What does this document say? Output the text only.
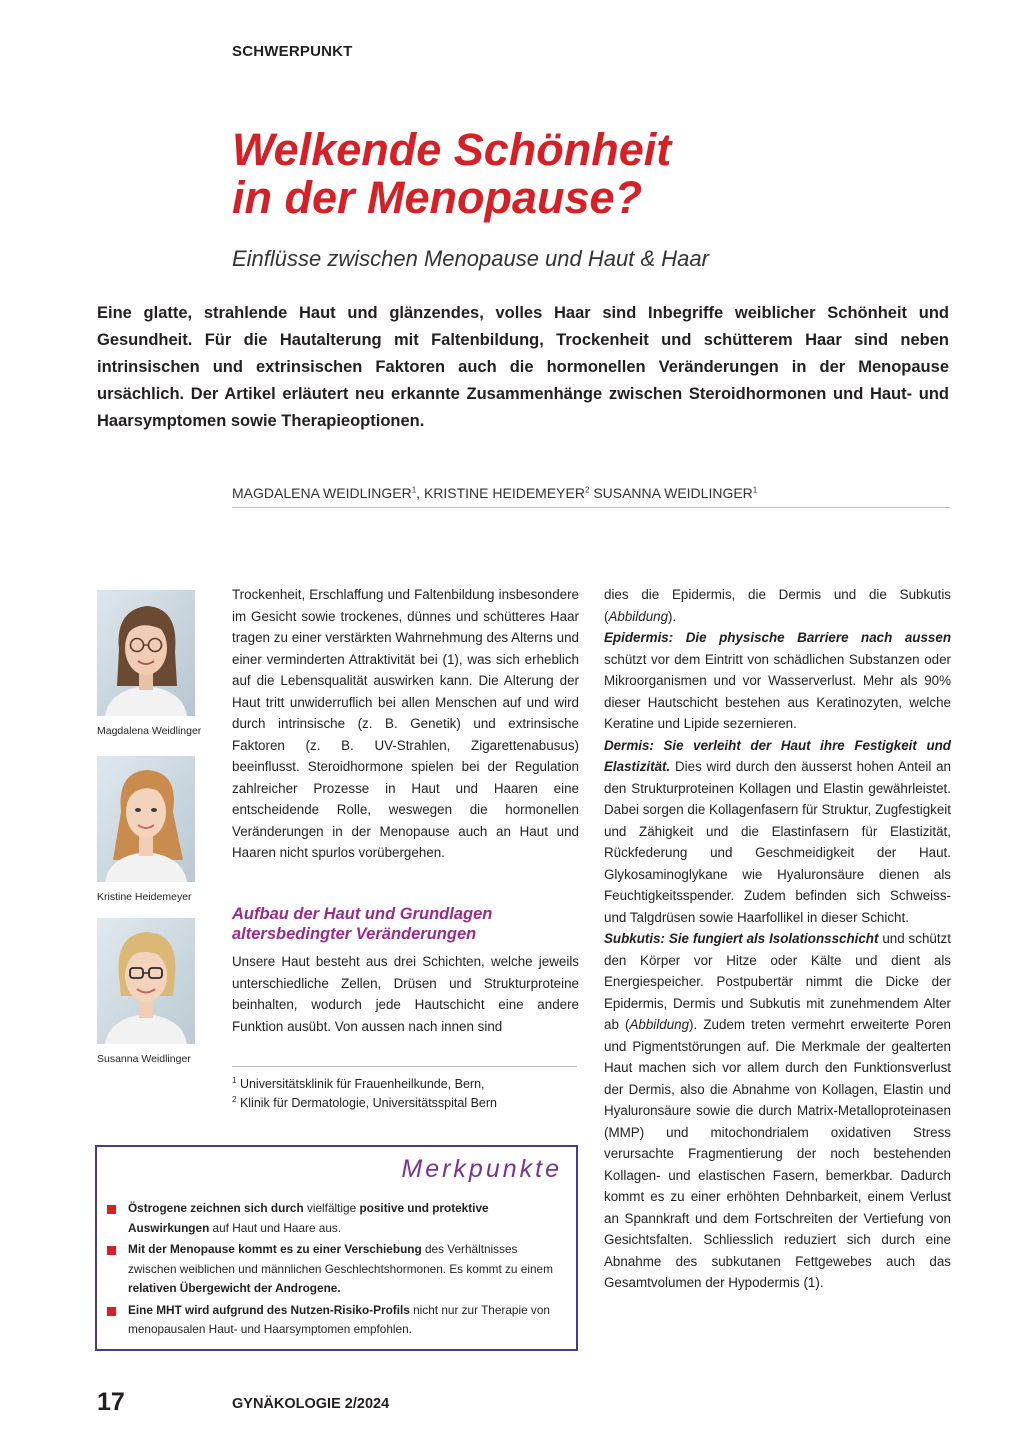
SCHWERPUNKT
Welkende Schönheit
in der Menopause?
Einflüsse zwischen Menopause und Haut & Haar

Eine glatte, strahlende Haut und glänzendes, volles Haar sind Inbegriffe weiblicher Schönheit und Gesundheit. Für die Hautalterung mit Faltenbildung, Trockenheit und schütterem Haar sind neben intrinsischen und extrinsischen Faktoren auch die hormonellen Veränderungen in der Menopause ursächlich. Der Artikel erläutert neu erkannte Zusammenhänge zwischen Steroidhormonen und Haut- und Haarsymptomen sowie Therapieoptionen.

MAGDALENA WEIDLINGER$^1$, KRISTINE HEIDEMEYER$^2$ SUSANNA WEIDLINGER$^1$
Magdalena Weidlinger
Kristine Heidemeyer
Susanna Weidlinger

Trockenheit, Erschlaffung und Faltenbildung insbesondere im Gesicht sowie trockenes, dünnes und schütteres Haar tragen zu einer verstärkten Wahrnehmung des Alterns und einer verminderten Attraktivität bei (1), was sich erheblich auf die Lebensqualität auswirken kann. Die Alterung der Haut tritt unwiderruflich bei allen Menschen auf und wird durch intrinsische (z. B. Genetik) und extrinsische Faktoren (z. B. UV-Strahlen, Zigarettenabusus) beeinflusst. Steroidhormone spielen bei der Regulation zahlreicher Prozesse in Haut und Haaren eine entscheidende Rolle, weswegen die hormonellen Veränderungen in der Menopause auch an Haut und Haaren nicht spurlos vorübergehen.

Aufbau der Haut und Grundlagen altersbedingter Veränderungen

Unsere Haut besteht aus drei Schichten, welche jeweils unterschiedliche Zellen, Drüsen und Strukturproteine beinhalten, wodurch jede Hautschicht eine andere Funktion ausübt. Von aussen nach innen sind

$^1$ Universitätsklinik für Frauenheilkunde, Bern,
$^2$ Klinik für Dermatologie, Universitätsspital Bern

dies die Epidermis, die Dermis und die Subkutis (Abbildung).

Epidermis: Die physische Barriere nach aussen schützt vor dem Eintritt von schädlichen Substanzen oder Mikroorganismen und vor Wasserverlust. Mehr als 90% dieser Hautschicht bestehen aus Keratinozyten, welche Keratine und Lipide sezernieren.

Dermis: Sie verleiht der Haut ihre Festigkeit und Elastizität. Dies wird durch den äusserst hohen Anteil an den Strukturproteinen Kollagen und Elastin gewährleistet. Dabei sorgen die Kollagenfasern für Struktur, Zugfestigkeit und Zähigkeit und die Elastinfasern für Elastizität, Rückfederung und Geschmeidigkeit der Haut. Glykosaminoglykane wie Hyaluronsäure dienen als Feuchtigkeitsspender. Zudem befinden sich Schweiss- und Talgdrüsen sowie Haarfollikel in dieser Schicht.

Subkutis: Sie fungiert als Isolationsschicht und schützt den Körper vor Hitze oder Kälte und dient als Energiespeicher. Postpubertär nimmt die Dicke der Epidermis, Dermis und Subkutis mit zunehmendem Alter ab (Abbildung). Zudem treten vermehrt erweiterte Poren und Pigmentstörungen auf. Die Merkmale der gealterten Haut machen sich vor allem durch den Funktionsverlust der Dermis, also die Abnahme von Kollagen, Elastin und Hyaluronsäure sowie die durch Matrix-Metalloproteinasen (MMP) und mitochondrialem oxidativen Stress verursachte Fragmentierung der noch bestehenden Kollagen- und elastischen Fasern, bemerkbar. Dadurch kommt es zu einer erhöhten Dehnbarkeit, einem Verlust an Spannkraft und dem Fortschreiten der Vertiefung von Gesichtsfalten. Schliesslich reduziert sich durch eine Abnahme des subkutanen Fettgewebes auch das Gesamtvolumen der Hypodermis (1).

Merkpunkte
Östrogene zeichnen sich durch vielfältige positive und protektive Auswirkungen auf Haut und Haare aus.
Mit der Menopause kommt es zu einer Verschiebung des Verhältnisses zwischen weiblichen und männlichen Geschlechtshormonen. Es kommt zu einem relativen Übergewicht der Androgene.
Eine MHT wird aufgrund des Nutzen-Risiko-Profils nicht nur zur Therapie von menopausalen Haut- und Haarsymptomen empfohlen.
17	GYNÄKOLOGIE 2/2024
